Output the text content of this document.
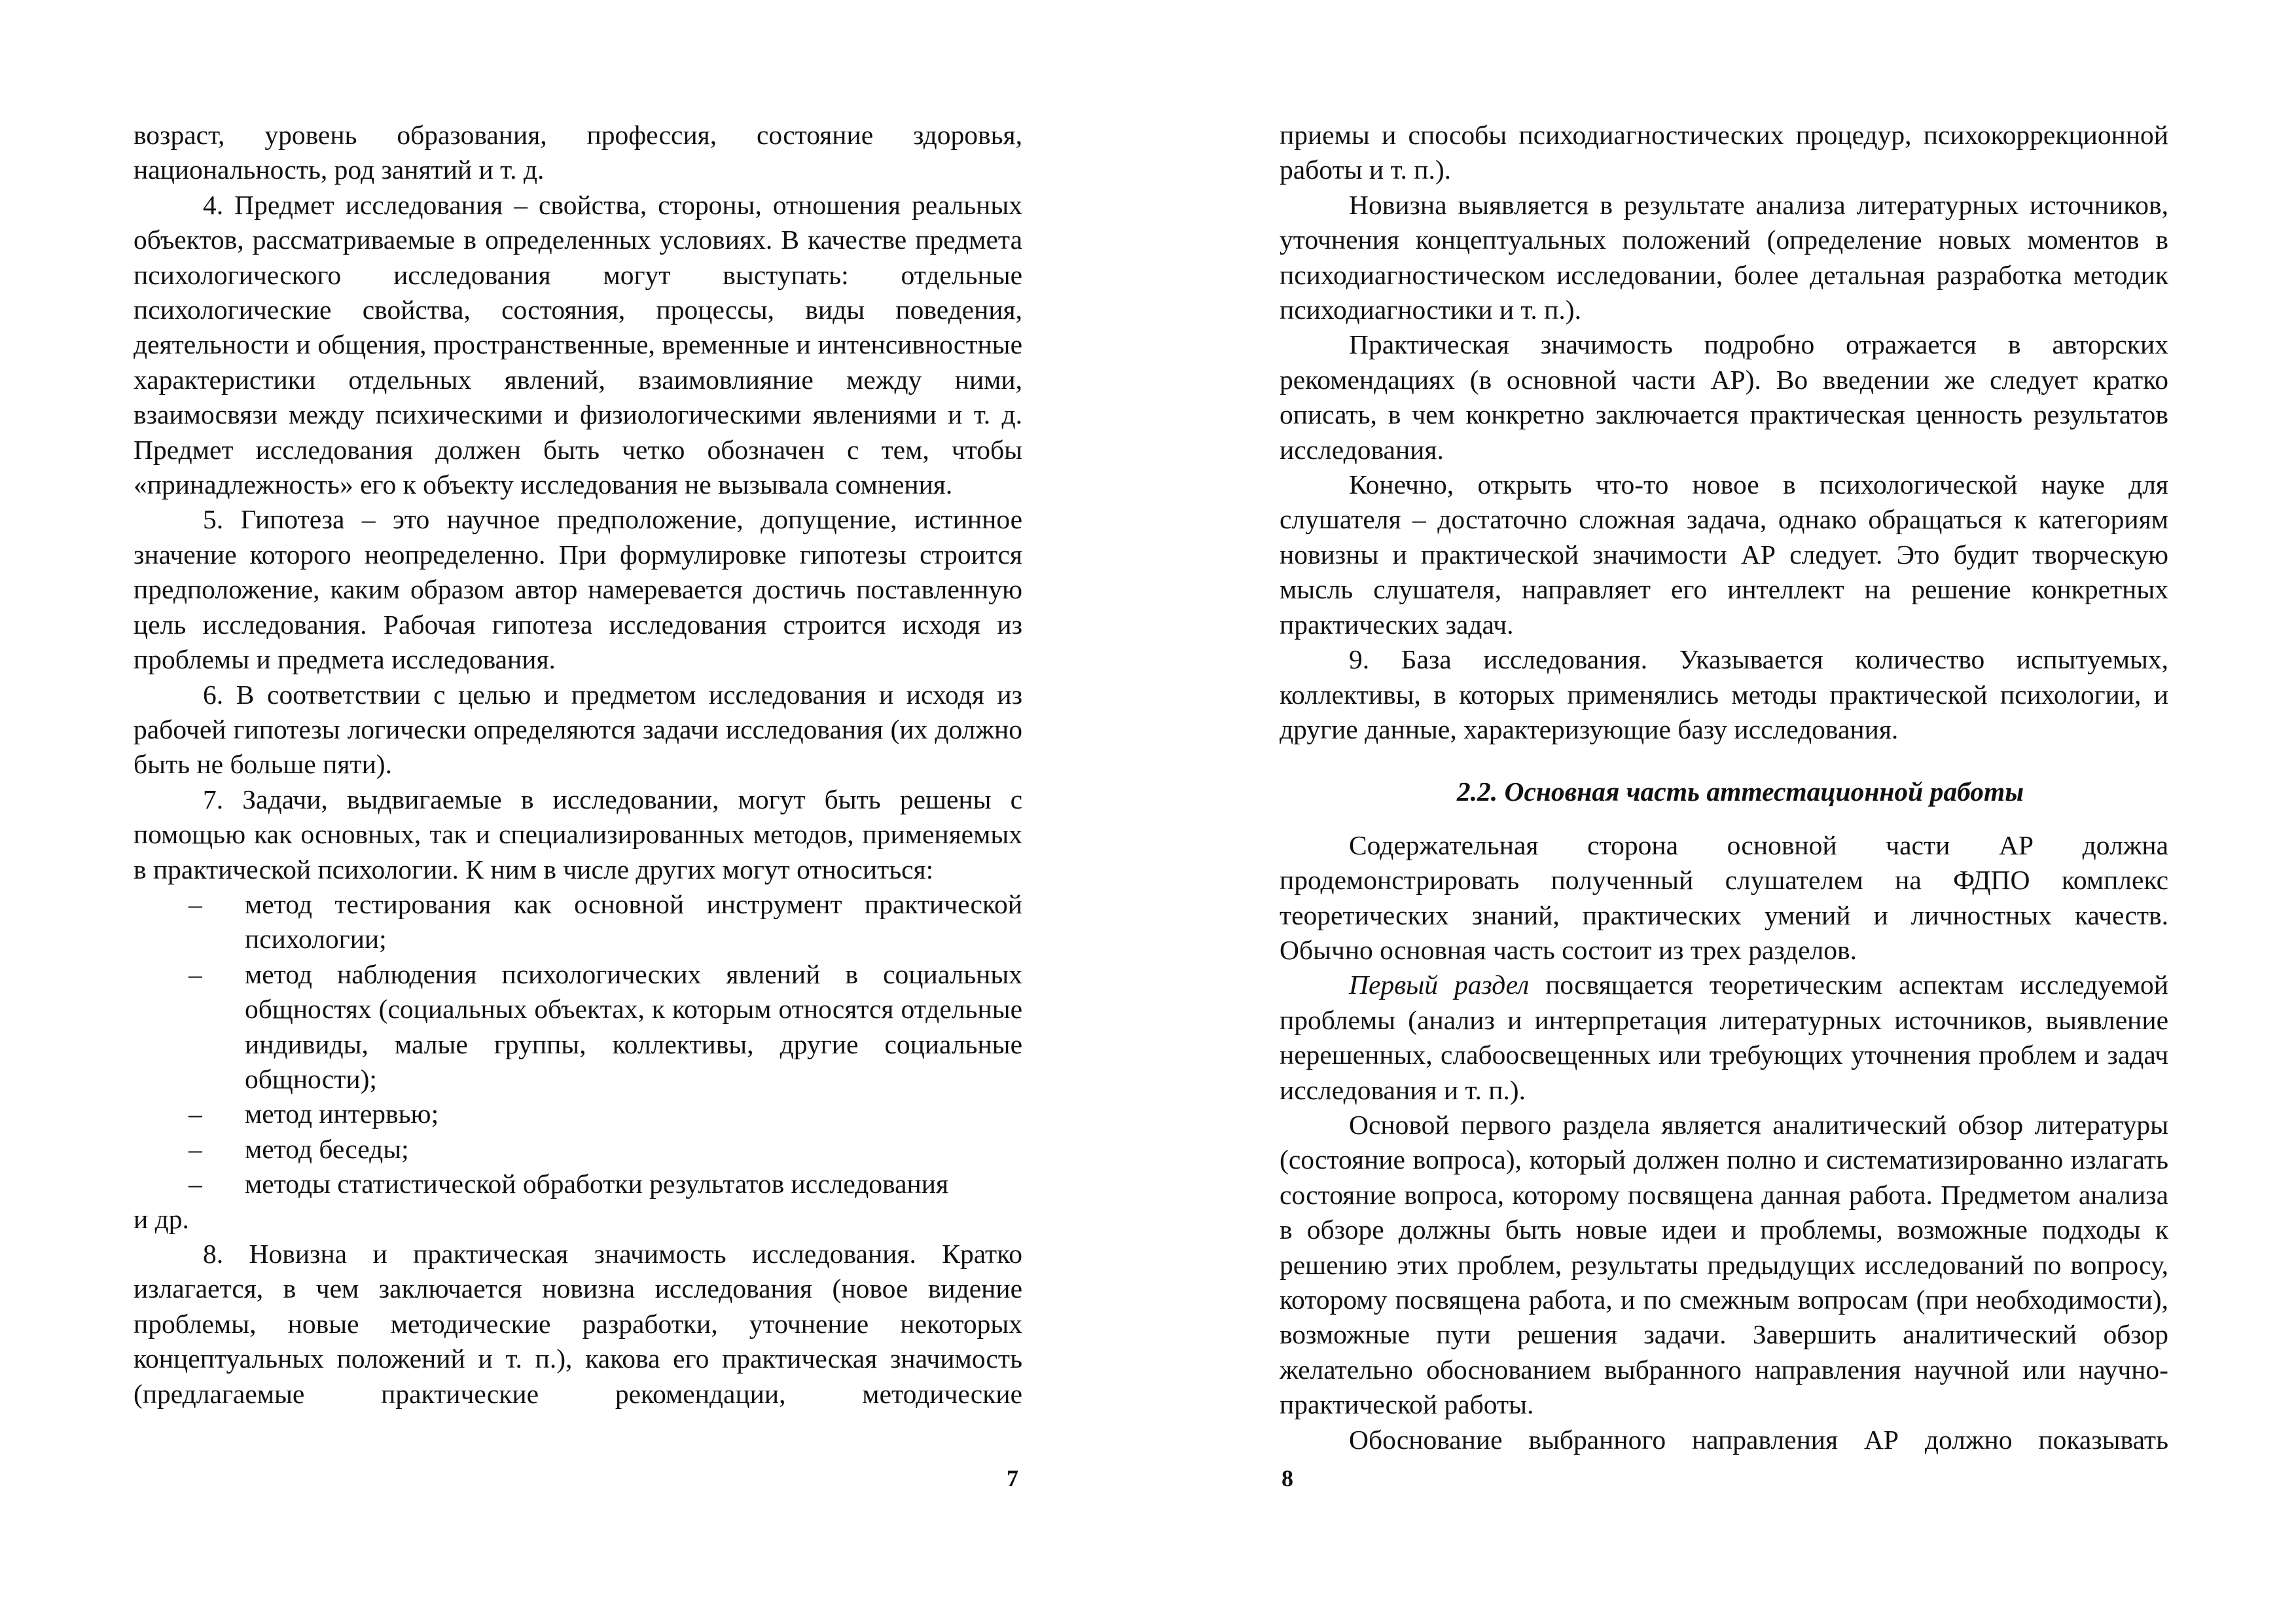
возраст, уровень образования, профессия, состояние здоровья, национальность, род занятий и т. д.

4. Предмет исследования – свойства, стороны, отношения реальных объектов, рассматриваемые в определенных условиях. В качестве предмета психологического исследования могут выступать: отдельные психологические свойства, состояния, процессы, виды поведения, деятельности и общения, пространственные, временные и интенсивностные характеристики отдельных явлений, взаимовлияние между ними, взаимосвязи между психическими и физиологическими явлениями и т. д. Предмет исследования должен быть четко обозначен с тем, чтобы «принадлежность» его к объекту исследования не вызывала сомнения.

5. Гипотеза – это научное предположение, допущение, истинное значение которого неопределенно. При формулировке гипотезы строится предположение, каким образом автор намеревается достичь поставленную цель исследования. Рабочая гипотеза исследования строится исходя из проблемы и предмета исследования.

6. В соответствии с целью и предметом исследования и исходя из рабочей гипотезы логически определяются задачи исследования (их должно быть не больше пяти).

7. Задачи, выдвигаемые в исследовании, могут быть решены с помощью как основных, так и специализированных методов, применяемых в практической психологии. К ним в числе других могут относиться:

–	метод тестирования как основной инструмент практической психологии;
–	метод наблюдения психологических явлений в социальных общностях (социальных объектах, к которым относятся отдельные индивиды, малые группы, коллективы, другие социальные общности);
–	метод интервью;
–	метод беседы;
–	методы статистической обработки результатов исследования

и др.

8. Новизна и практическая значимость исследования. Кратко излагается, в чем заключается новизна исследования (новое видение проблемы, новые методические разработки, уточнение некоторых концептуальных положений и т. п.), какова его практическая значимость (предлагаемые практические рекомендации, методические

7

приемы и способы психодиагностических процедур, психокоррекционной работы и т. п.).

Новизна выявляется в результате анализа литературных источников, уточнения концептуальных положений (определение новых моментов в психодиагностическом исследовании, более детальная разработка методик психодиагностики и т. п.).

Практическая значимость подробно отражается в авторских рекомендациях (в основной части АР). Во введении же следует кратко описать, в чем конкретно заключается практическая ценность результатов исследования.

Конечно, открыть что-то новое в психологической науке для слушателя – достаточно сложная задача, однако обращаться к категориям новизны и практической значимости АР следует. Это будит творческую мысль слушателя, направляет его интеллект на решение конкретных практических задач.

9. База исследования. Указывается количество испытуемых, коллективы, в которых применялись методы практической психологии, и другие данные, характеризующие базу исследования.

2.2. Основная часть аттестационной работы

Содержательная сторона основной части АР должна продемонстрировать полученный слушателем на ФДПО комплекс теоретических знаний, практических умений и личностных качеств. Обычно основная часть состоит из трех разделов.

Первый раздел посвящается теоретическим аспектам исследуемой проблемы (анализ и интерпретация литературных источников, выявление нерешенных, слабоосвещенных или требующих уточнения проблем и задач исследования и т. п.).

Основой первого раздела является аналитический обзор литературы (состояние вопроса), который должен полно и систематизированно излагать состояние вопроса, которому посвящена данная работа. Предметом анализа в обзоре должны быть новые идеи и проблемы, возможные подходы к решению этих проблем, результаты предыдущих исследований по вопросу, которому посвящена работа, и по смежным вопросам (при необходимости), возможные пути решения задачи. Завершить аналитический обзор желательно обоснованием выбранного направления научной или научно-практической работы.

Обоснование выбранного направления АР должно показывать

8
